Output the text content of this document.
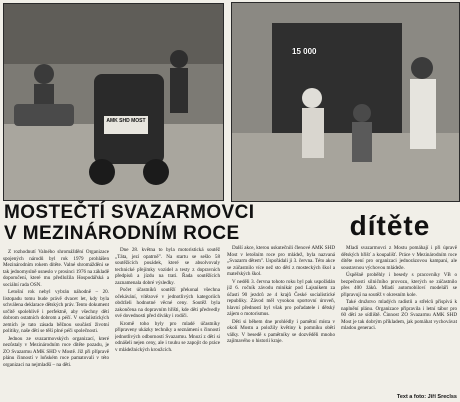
AMK SHD MOST
15 000
MOSTEČTÍ SVAZARMOVCI
V MEZINÁRODNÍM ROCE	dítěte

Z rozhodnutí Valného shromáždění Organizace spojených národů byl rok 1979 prohlášen Mezinárodním rokem dítěte. Valné shromáždění se tak jednomyslně usneslo v prosinci 1976 na základě doporučení, které mu předložila Hospodářská a sociální rada OSN.

Letošní rok nebyl vybrán náhodně – 20. listopadu tomu bude právě dvacet let, kdy byla schválena deklarace dětských práv. Tento dokument určitě spolehlivě i perfektně, aby všechny dětí dobrom ostatních dobrom a péčí. V socialistických zemích je tato zásada běžnou součástí životní politiky, naše děti se těší plné péči společnosti.

Jednou ze svazarmovských organizací, které nezůstaly v Mezinárodním roce dítěte pozadu, je ZO Svazarmu AMK SHD v Mostě. Již při přípravě plánu činností v loňském roce pamatovali v této organizaci na nejmladší – na děti.

Dne 28. května to byla motoristická soutěž „Táta, jezí opatrně". Na startu se sešlo 58 soutěžících posádek, které se absolvovaly technické přejímky vozidel a testy z dopravních předpisů a jízdu na trati. Řada soutěžících zaznamenala dobré výsledky.

Počet účastníků soutěží překonal všechna očekávání, vítězové v jednotlivých kategoriích obdrželi hodnotné věcné ceny. Soutěž byla zakončena na dopravním hřišti, kde děti předvedly své dovednosti před diváky i rodiči.

Kromě toho byly pro mladé účastníky připraveny ukázky techniky a seznámení s činností jednotlivých odborností Svazarmu. Mnozí z dětí si odnášeli nejen ceny, ale i touhu se zapojit do práce v mládežnických kroužcích.

Další akce, kterou uskutečnili členové AMK SHD Most v letošním roce pro mládež, byla nazvaná „Svazarm dětem". Uspořádali ji 3. června. Této akce se zúčastnilo více než sto dětí z mosteckých škol a mateřských škol.

V neděli 3. června tohoto roku byl pak uspořádán již 6. ročník závodu minikár pod Lajsnikem za účasti 90 jezdců ze 4 krajů České socialistické republiky. Závod měl vysokou sportovní úroveň, hlavní předností byl však pro pořadatele i dětský zájem o motorismus.

Děti si během dne prohlédly i pamětní místa v okolí Mostu a položily květiny k pomníku obětí války. V besedě s pamětníky se dozvěděli mnoho zajímavého o historii kraje.

Mladí svazarmovci z Mostu pomáhají i při úpravě dětských hřišť a koupališť. Práce v Mezinárodním roce dítěte není pro organizaci jednorázovou kampaní, ale soustavnou výchovou mládeže.

Úspěšně proběhly i besedy s pracovníky VB o bezpečnosti silničního provozu, kterých se zúčastnilo přes 400 žáků. Mladí automobiloví modeláři se připravují na soutěž v okresním kole.

Také družstvo mladých radistů a střelců přispívá k naplnění plánu. Organizace připravila i letní tábor pro 60 dětí ze sídliště. Činnost ZO Svazarmu AMK SHD Most je tak dobrým příkladem, jak pomáhat vychovávat mladou generaci.

Text a foto: Jiří Sreclss
